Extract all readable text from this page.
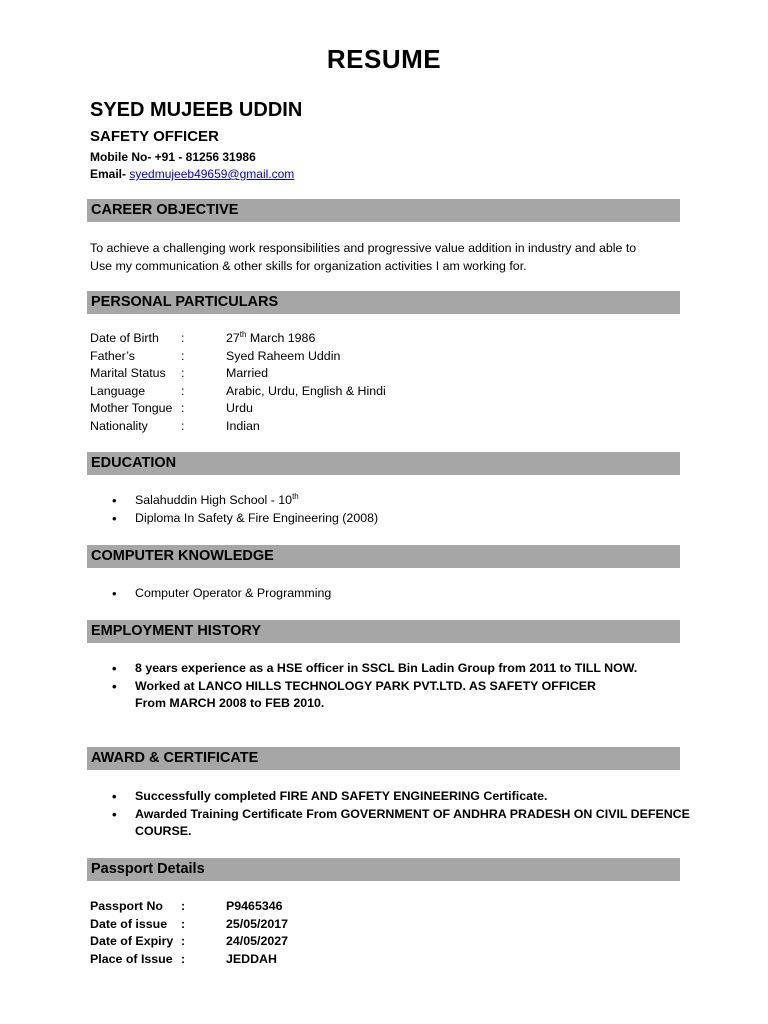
RESUME
SYED MUJEEB UDDIN
SAFETY OFFICER
Mobile No- +91 - 81256 31986
Email- syedmujeeb49659@gmail.com
CAREER OBJECTIVE
To achieve a challenging work responsibilities and progressive value addition in industry and able to
Use my communication & other skills for organization activities I am working for.
PERSONAL PARTICULARS
Date of Birth	:	27th March 1986
Father’s	:	Syed Raheem Uddin
Marital Status	:	Married
Language	:	Arabic, Urdu, English & Hindi
Mother Tongue :	Urdu
Nationality	:	Indian
EDUCATION
• Salahuddin High School - 10th
• Diploma In Safety & Fire Engineering (2008)
COMPUTER KNOWLEDGE
• Computer Operator & Programming
EMPLOYMENT HISTORY
• 8 years experience as a HSE officer in SSCL Bin Ladin Group from 2011 to TILL NOW.
• Worked at LANCO HILLS TECHNOLOGY PARK PVT.LTD. AS SAFETY OFFICER
From MARCH 2008 to FEB 2010.
AWARD & CERTIFICATE
• Successfully completed FIRE AND SAFETY ENGINEERING Certificate.
• Awarded Training Certificate From GOVERNMENT OF ANDHRA PRADESH ON CIVIL DEFENCE
COURSE.
Passport Details
Passport No	:	P9465346
Date of issue	:	25/05/2017
Date of Expiry :	24/05/2027
Place of Issue :	JEDDAH
